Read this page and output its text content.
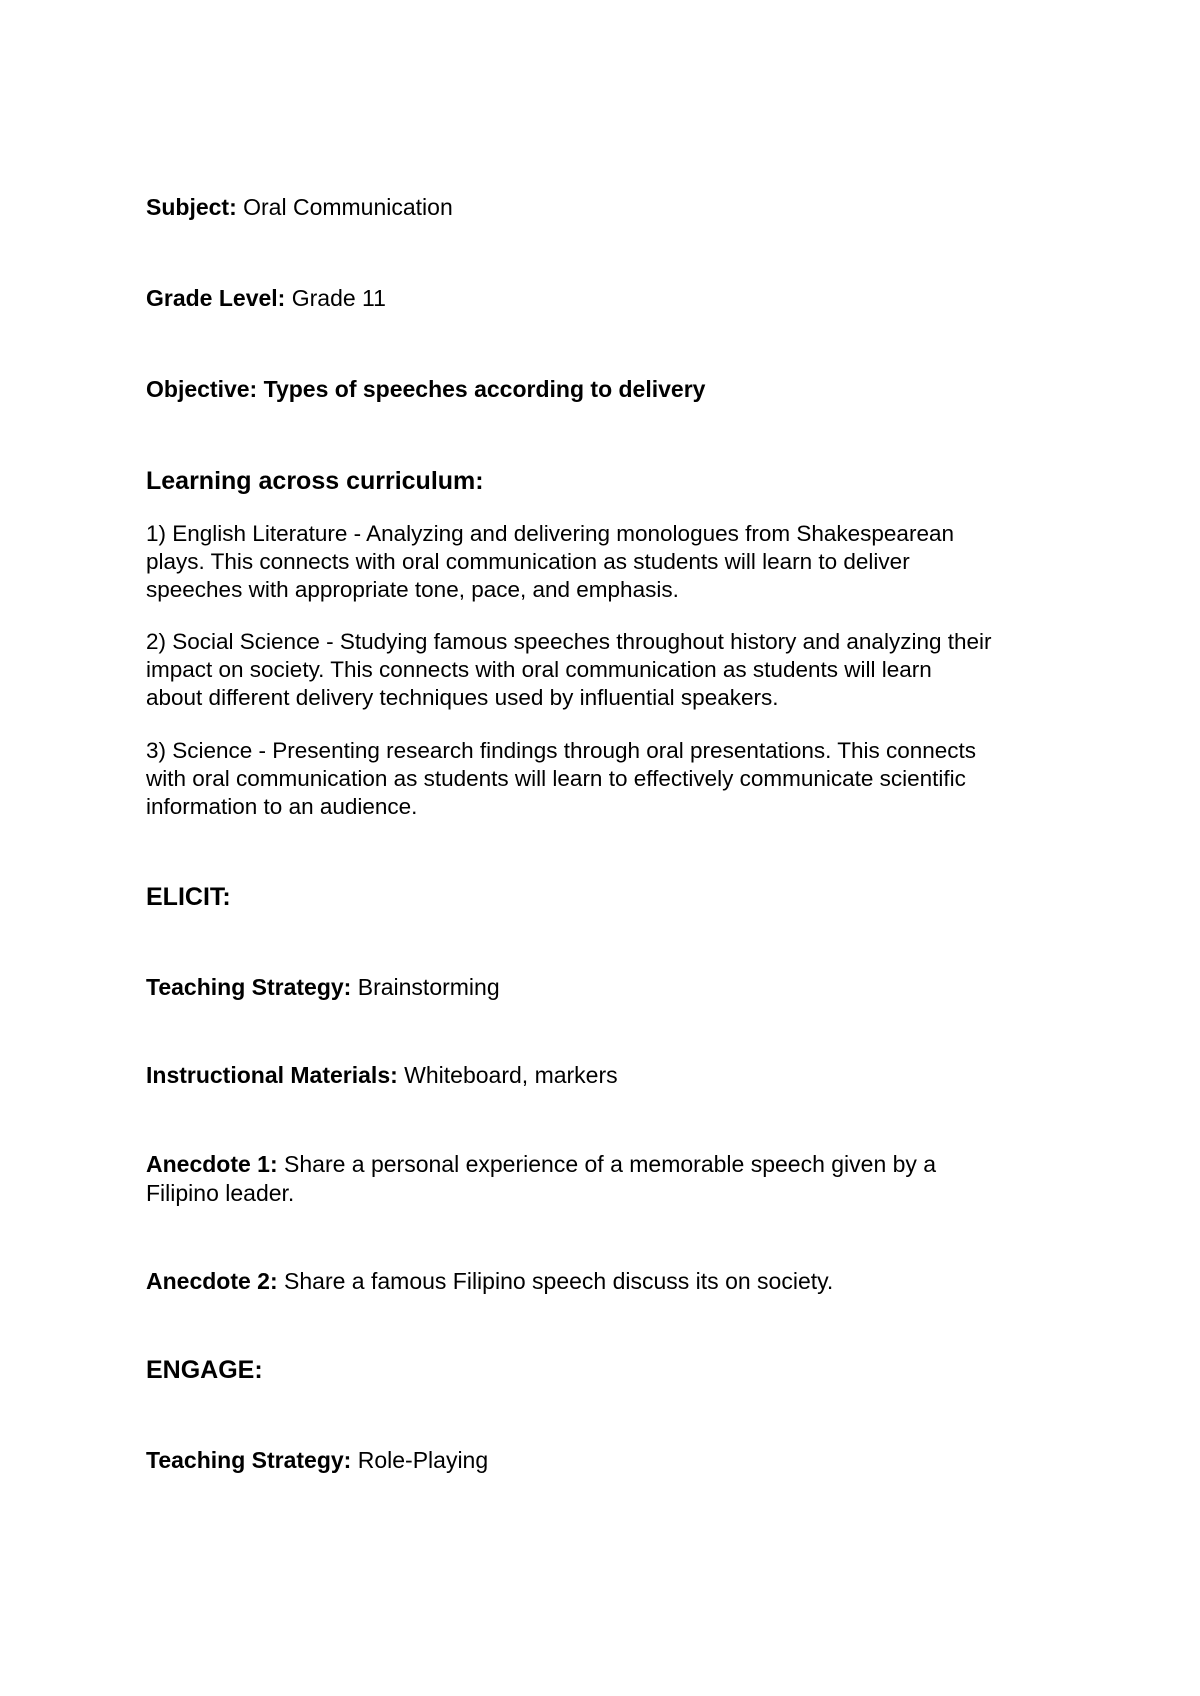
Subject: Oral Communication
Grade Level: Grade 11
Objective: Types of speeches according to delivery
Learning across curriculum:
1) English Literature - Analyzing and delivering monologues from Shakespearean
plays. This connects with oral communication as students will learn to deliver
speeches with appropriate tone, pace, and emphasis.
2) Social Science - Studying famous speeches throughout history and analyzing their
impact on society. This connects with oral communication as students will learn
about different delivery techniques used by influential speakers.
3) Science - Presenting research findings through oral presentations. This connects
with oral communication as students will learn to effectively communicate scientific
information to an audience.
ELICIT:
Teaching Strategy: Brainstorming
Instructional Materials: Whiteboard, markers
Anecdote 1: Share a personal experience of a memorable speech given by a
Filipino leader.
Anecdote 2: Share a famous Filipino speech discuss its on society.
ENGAGE:
Teaching Strategy: Role-Playing
